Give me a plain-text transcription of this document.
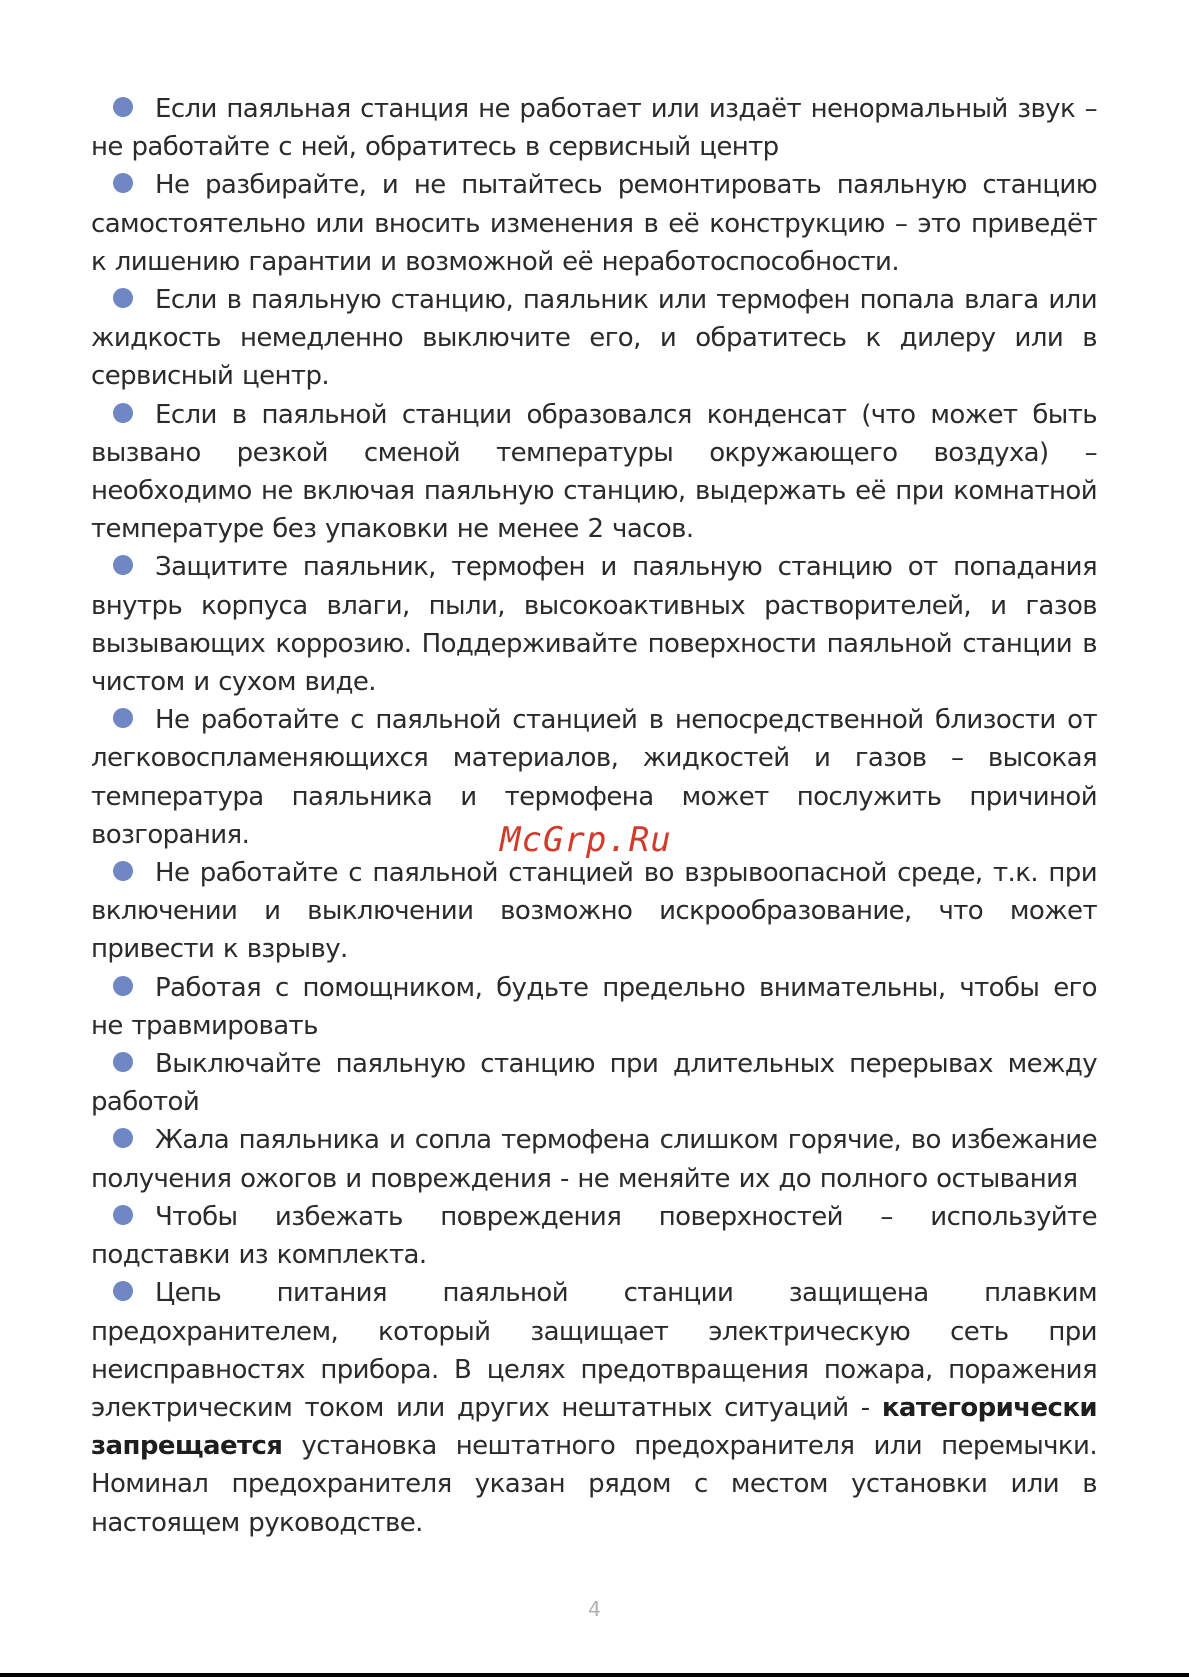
Если паяльная станция не работает или издаёт ненормальный звук – не работайте с ней, обратитесь в сервисный центр
Не разбирайте, и не пытайтесь ремонтировать паяльную станцию самостоятельно или вносить изменения в её конструкцию – это приведёт к лишению гарантии и возможной её неработоспособности.
Если в паяльную станцию, паяльник или термофен попала влага или жидкость немедленно выключите его, и обратитесь к дилеру или в сервисный центр.
Если в паяльной станции образовался конденсат (что может быть вызвано резкой сменой температуры окружающего воздуха) – необходимо не включая паяльную станцию, выдержать её при комнатной температуре без упаковки не менее 2 часов.
Защитите паяльник, термофен и паяльную станцию от попадания внутрь корпуса влаги, пыли, высокоактивных растворителей, и газов вызывающих коррозию. Поддерживайте поверхности паяльной станции в чистом и сухом виде.
Не работайте с паяльной станцией в непосредственной близости от легковоспламеняющихся материалов, жидкостей и газов – высокая температура паяльника и термофена может послужить причиной возгорания.
Не работайте с паяльной станцией во взрывоопасной среде, т.к. при включении и выключении возможно искрообразование, что может привести к взрыву.
Работая с помощником, будьте предельно внимательны, чтобы его не травмировать
Выключайте паяльную станцию при длительных перерывах между работой
Жала паяльника и сопла термофена слишком горячие, во избежание получения ожогов и повреждения - не меняйте их до полного остывания
Чтобы избежать повреждения поверхностей – используйте подставки из комплекта.
Цепь питания паяльной станции защищена плавким предохранителем, который защищает электрическую сеть при неисправностях прибора. В целях предотвращения пожара, поражения электрическим током или других нештатных ситуаций - категорически запрещается установка нештатного предохранителя или перемычки. Номинал предохранителя указан рядом с местом установки или в настоящем руководстве.
McGrp.Ru
4
